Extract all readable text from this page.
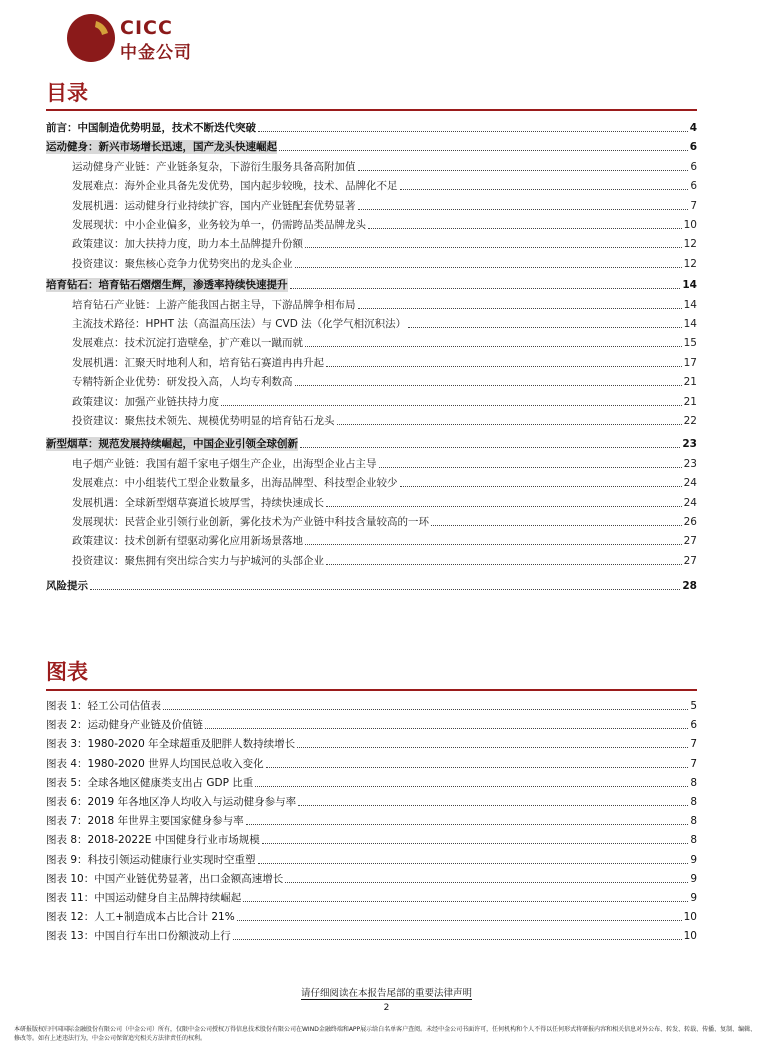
CICC
中金公司
目录
前言：中国制造优势明显，技术不断迭代突破	4
运动健身：新兴市场增长迅速，国产龙头快速崛起	6
运动健身产业链：产业链条复杂，下游衍生服务具备高附加值	6
发展难点：海外企业具备先发优势，国内起步较晚，技术、品牌化不足	6
发展机遇：运动健身行业持续扩容，国内产业链配套优势显著	7
发展现状：中小企业偏多，业务较为单一，仍需跨品类品牌龙头	10
政策建议：加大扶持力度，助力本土品牌提升份额	12
投资建议：聚焦核心竞争力优势突出的龙头企业	12
培育钻石：培育钻石熠熠生辉，渗透率持续快速提升	14
培育钻石产业链：上游产能我国占据主导，下游品牌争相布局	14
主流技术路径：HPHT 法（高温高压法）与 CVD 法（化学气相沉积法）	14
发展难点：技术沉淀打造壁垒，扩产难以一蹴而就	15
发展机遇：汇聚天时地利人和，培育钻石赛道冉冉升起	17
专精特新企业优势：研发投入高，人均专利数高	21
政策建议：加强产业链扶持力度	21
投资建议：聚焦技术领先、规模优势明显的培育钻石龙头	22
新型烟草：规范发展持续崛起，中国企业引领全球创新	23
电子烟产业链：我国有超千家电子烟生产企业，出海型企业占主导	23
发展难点：中小组装代工型企业数量多，出海品牌型、科技型企业较少	24
发展机遇：全球新型烟草赛道长坡厚雪，持续快速成长	24
发展现状：民营企业引领行业创新，雾化技术为产业链中科技含量较高的一环	26
政策建议：技术创新有望驱动雾化应用新场景落地	27
投资建议：聚焦拥有突出综合实力与护城河的头部企业	27
风险提示	28
图表
图表 1：轻工公司估值表	5
图表 2：运动健身产业链及价值链	6
图表 3：1980-2020 年全球超重及肥胖人数持续增长	7
图表 4：1980-2020 世界人均国民总收入变化	7
图表 5：全球各地区健康类支出占 GDP 比重	8
图表 6：2019 年各地区净人均收入与运动健身参与率	8
图表 7：2018 年世界主要国家健身参与率	8
图表 8：2018-2022E 中国健身行业市场规模	8
图表 9：科技引领运动健康行业实现时空重塑	9
图表 10：中国产业链优势显著，出口金额高速增长	9
图表 11：中国运动健身自主品牌持续崛起	9
图表 12：人工+制造成本占比合计 21%	10
图表 13：中国自行车出口份额波动上行	10
请仔细阅读在本报告尾部的重要法律声明
2
本研报版权归中国国际金融股份有限公司（中金公司）所有，仅限中金公司授权万得信息技术股份有限公司在WIND金融终端和APP展示给白名单客户查阅。未经中金公司书面许可，任何机构和个人不得以任何形式将研报内容和相关信息对外公布、转发、转载、传播、复制、编辑、修改等。如有上述违法行为，中金公司保留追究相关方法律责任的权利。
